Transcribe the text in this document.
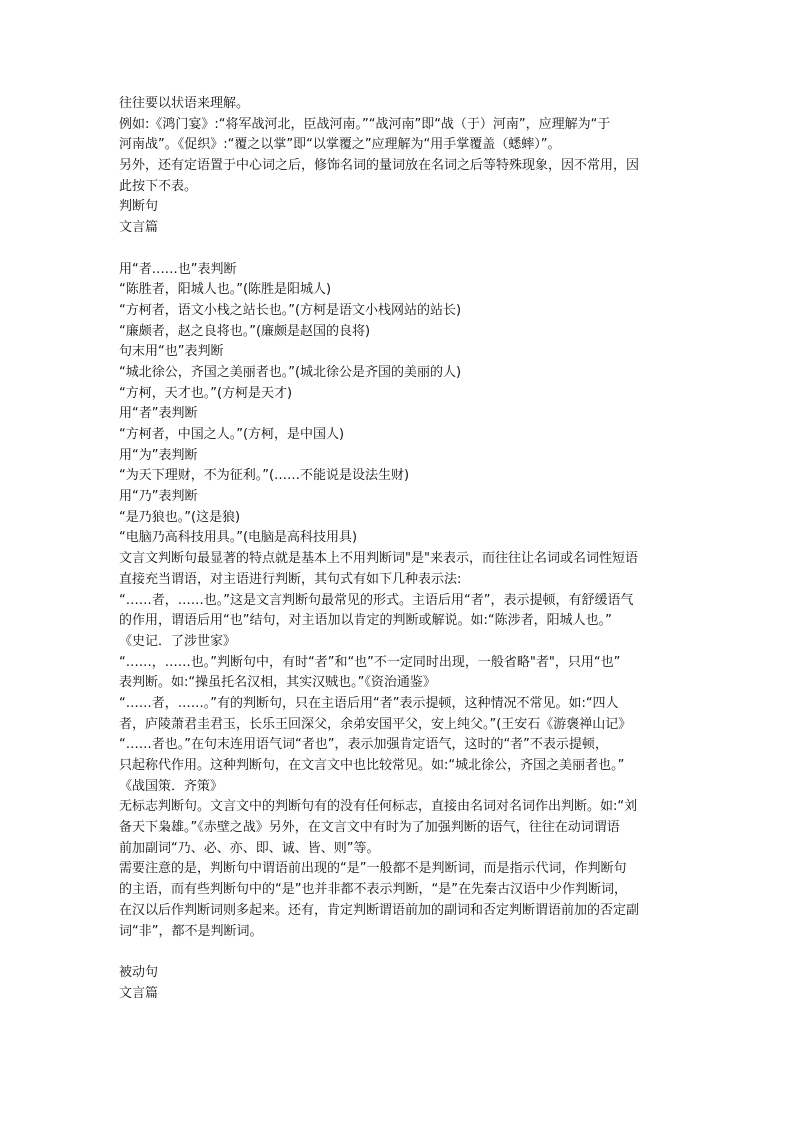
往往要以状语来理解。
例如:《鸿门宴》:“将军战河北，臣战河南。”“战河南”即“战（于）河南”，应理解为“于
河南战”。《促织》:“覆之以掌”即“以掌覆之”应理解为“用手掌覆盖（蟋蟀）”。
另外，还有定语置于中心词之后，修饰名词的量词放在名词之后等特殊现象，因不常用，因
此按下不表。
判断句
文言篇
用“者……也”表判断
“陈胜者，阳城人也。”(陈胜是阳城人)
“方柯者，语文小栈之站长也。”(方柯是语文小栈网站的站长)
“廉颇者，赵之良将也。”(廉颇是赵国的良将)
句末用“也”表判断
“城北徐公，齐国之美丽者也。”(城北徐公是齐国的美丽的人)
“方柯，天才也。”(方柯是天才)
用“者”表判断
“方柯者，中国之人。”(方柯，是中国人)
用“为”表判断
“为天下理财，不为征利。”(……不能说是设法生财)
用“乃”表判断
“是乃狼也。”(这是狼)
“电脑乃高科技用具。”(电脑是高科技用具)
文言文判断句最显著的特点就是基本上不用判断词"是"来表示，而往往让名词或名词性短语
直接充当谓语，对主语进行判断，其句式有如下几种表示法:
“……者，……也。”这是文言判断句最常见的形式。主语后用“者”，表示提顿，有舒缓语气
的作用，谓语后用“也”结句，对主语加以肯定的判断或解说。如:“陈涉者，阳城人也。”
《史记．了涉世家》
“……，……也。”判断句中，有时“者”和“也”不一定同时出现，一般省略"者"，只用“也”
表判断。如:“操虽托名汉相，其实汉贼也。”《资治通鉴》
“……者，……。”有的判断句，只在主语后用“者”表示提顿，这种情况不常见。如:“四人
者，庐陵萧君圭君玉，长乐王回深父，余弟安国平父，安上纯父。”(王安石《游褒禅山记》
“……者也。”在句末连用语气词“者也”，表示加强肯定语气，这时的“者”不表示提顿，
只起称代作用。这种判断句，在文言文中也比较常见。如:“城北徐公，齐国之美丽者也。”
《战国策．齐策》
无标志判断句。文言文中的判断句有的没有任何标志，直接由名词对名词作出判断。如:“刘
备天下枭雄。”《赤壁之战》另外，在文言文中有时为了加强判断的语气，往往在动词谓语
前加副词“乃、必、亦、即、诚、皆、则”等。
需要注意的是，判断句中谓语前出现的“是”一般都不是判断词，而是指示代词，作判断句
的主语，而有些判断句中的“是”也并非都不表示判断，“是”在先秦古汉语中少作判断词，
在汉以后作判断词则多起来。还有，肯定判断谓语前加的副词和否定判断谓语前加的否定副
词“非”，都不是判断词。
被动句
文言篇
